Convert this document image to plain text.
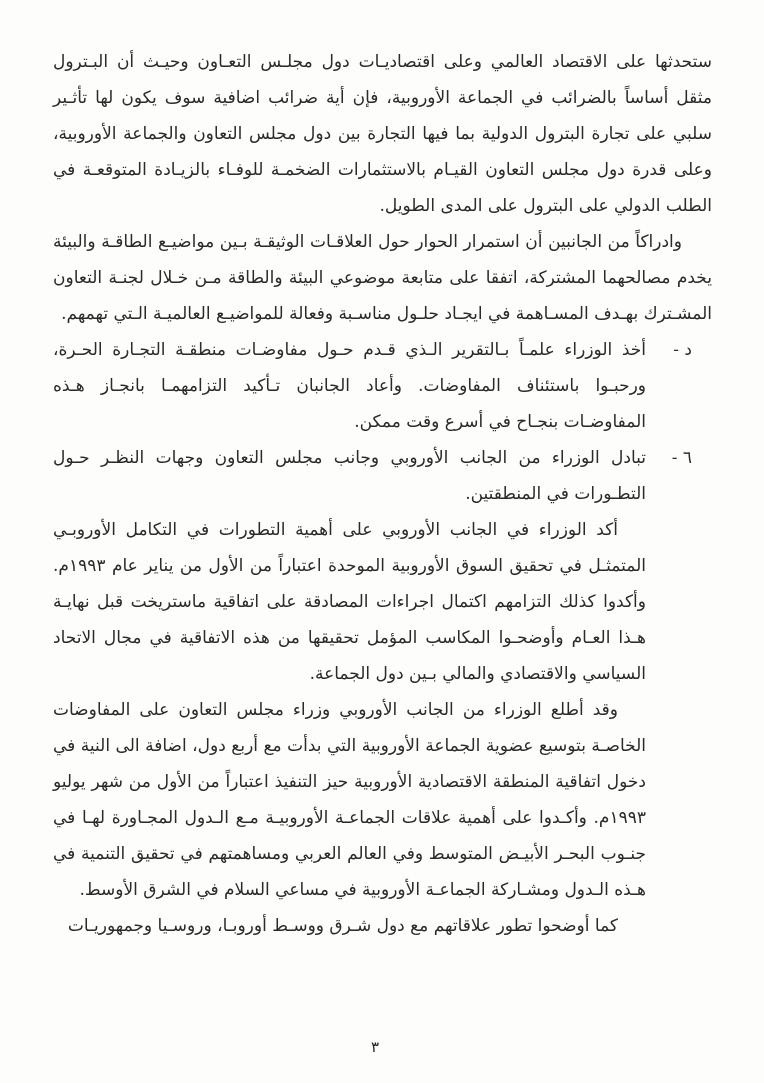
ستحدثها على الاقتصاد العالمي وعلى اقتصاديـات دول مجلـس التعـاون وحيـث أن البـترول مثقل أساساً بالضرائب في الجماعة الأوروبية، فإن أية ضرائب اضافية سوف يكون لها تأثـير سلبي على تجارة البترول الدولية بما فيها التجارة بين دول مجلس التعاون والجماعة الأوروبية، وعلى قدرة دول مجلس التعاون القيـام بالاستثمارات الضخمـة للوفـاء بالزيـادة المتوقعـة في الطلب الدولي على البترول على المدى الطويل.

وادراكاً من الجانبين أن استمرار الحوار حول العلاقـات الوثيقـة بـين مواضيـع الطاقـة والبيئة يخدم مصالحهما المشتركة، اتفقا على متابعة موضوعي البيئة والطاقة مـن خـلال لجنـة التعاون المشـترك بهـدف المسـاهمة في ايجـاد حلـول مناسـبة وفعالة للمواضيـع العالميـة الـتي تهمهم.

د -

أخذ الوزراء علمـاً بـالتقرير الـذي قـدم حـول مفاوضـات منطقـة التجـارة الحـرة، ورحبـوا باستئناف المفاوضات. وأعاد الجانبان تـأكيد التزامهمـا بانجـاز هـذه المفاوضـات بنجـاح في أسرع وقت ممكن.

٦ -

تبادل الوزراء من الجانب الأوروبي وجانب مجلس التعاون وجهات النظـر حـول التطـورات في المنطقتين.

أكد الوزراء في الجانب الأوروبي على أهمية التطورات في التكامل الأوروبـي المتمثـل في تحقيق السوق الأوروبية الموحدة اعتباراً من الأول من يناير عام ١٩٩٣م. وأكدوا كذلك التزامهم اكتمال اجراءات المصادقة على اتفاقية ماستريخت قبل نهايـة هـذا العـام وأوضحـوا المكاسب المؤمل تحقيقها من هذه الاتفاقية في مجال الاتحاد السياسي والاقتصادي والمالي بـين دول الجماعة.

وقد أطلع الوزراء من الجانب الأوروبي وزراء مجلس التعاون على المفاوضات الخاصـة بتوسيع عضوية الجماعة الأوروبية التي بدأت مع أربع دول، اضافة الى النية في دخول اتفاقية المنطقة الاقتصادية الأوروبية حيز التنفيذ اعتباراً من الأول من شهر يوليو ١٩٩٣م. وأكـدوا على أهمية علاقات الجماعـة الأوروبيـة مـع الـدول المجـاورة لهـا في جنـوب البحـر الأبيـض المتوسط وفي العالم العربي ومساهمتهم في تحقيق التنمية في هـذه الـدول ومشـاركة الجماعـة الأوروبية في مساعي السلام في الشرق الأوسط.

كما أوضحوا تطور علاقاتهم مع دول شـرق ووسـط أوروبـا، وروسـيا وجمهوريـات

٣
